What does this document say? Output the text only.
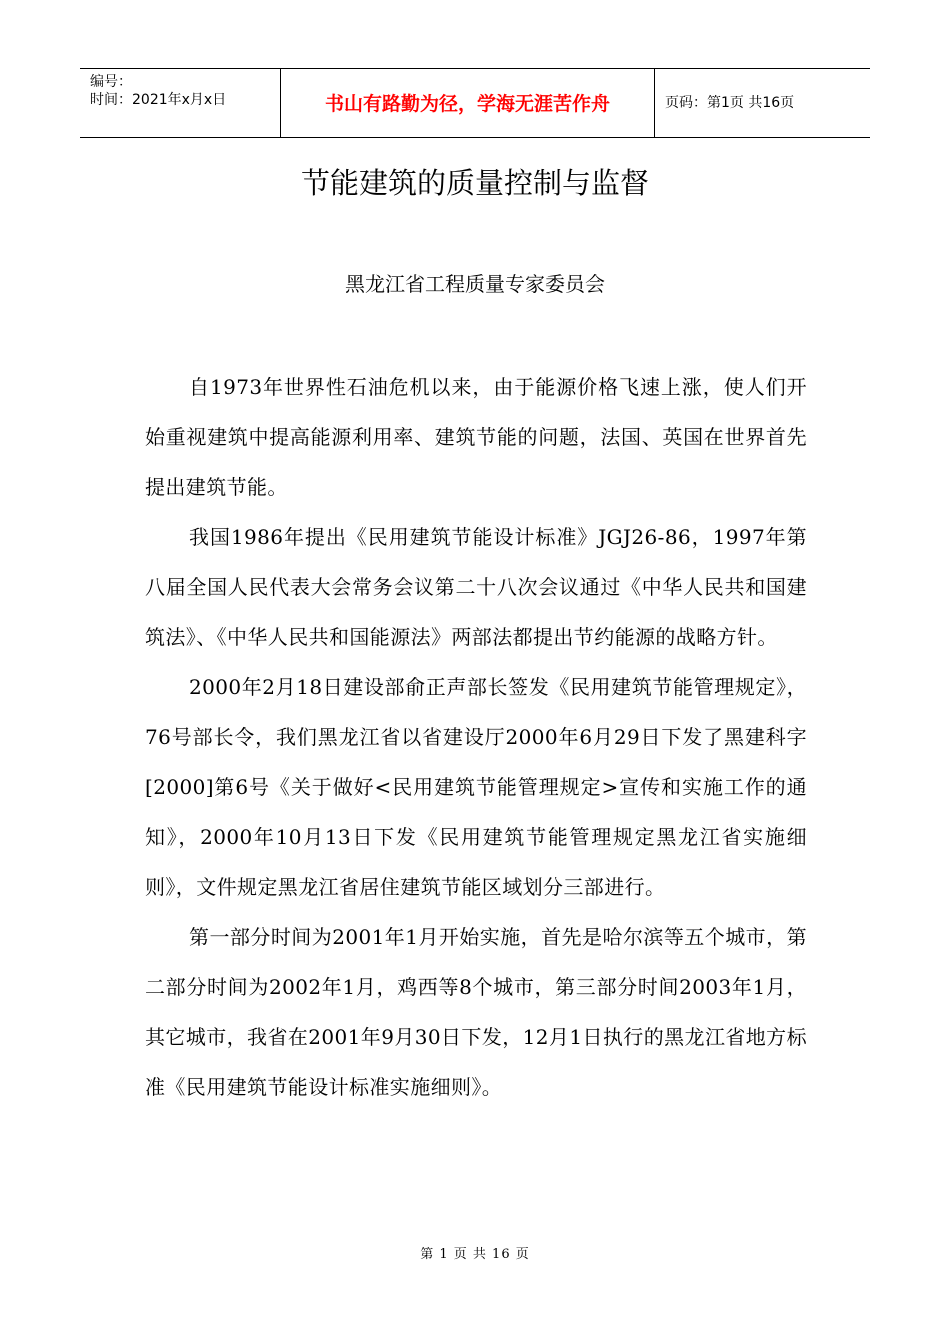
编号：
时间：2021年x月x日	书山有路勤为径，学海无涯苦作舟	页码：第1页 共16页
节能建筑的质量控制与监督
黑龙江省工程质量专家委员会

自1973年世界性石油危机以来，由于能源价格飞速上涨，使人们开始重视建筑中提高能源利用率、建筑节能的问题，法国、英国在世界首先提出建筑节能。

我国1986年提出《民用建筑节能设计标准》JGJ26-86，1997年第八届全国人民代表大会常务会议第二十八次会议通过《中华人民共和国建筑法》、《中华人民共和国能源法》两部法都提出节约能源的战略方针。

2000年2月18日建设部俞正声部长签发《民用建筑节能管理规定》，76号部长令，我们黑龙江省以省建设厅2000年6月29日下发了黑建科字[2000]第6号《关于做好<民用建筑节能管理规定>宣传和实施工作的通知》，2000年10月13日下发《民用建筑节能管理规定黑龙江省实施细则》，文件规定黑龙江省居住建筑节能区域划分三部进行。

第一部分时间为2001年1月开始实施，首先是哈尔滨等五个城市，第二部分时间为2002年1月，鸡西等8个城市，第三部分时间2003年1月，其它城市，我省在2001年9月30日下发，12月1日执行的黑龙江省地方标准《民用建筑节能设计标准实施细则》。

第 1 页 共 16 页
